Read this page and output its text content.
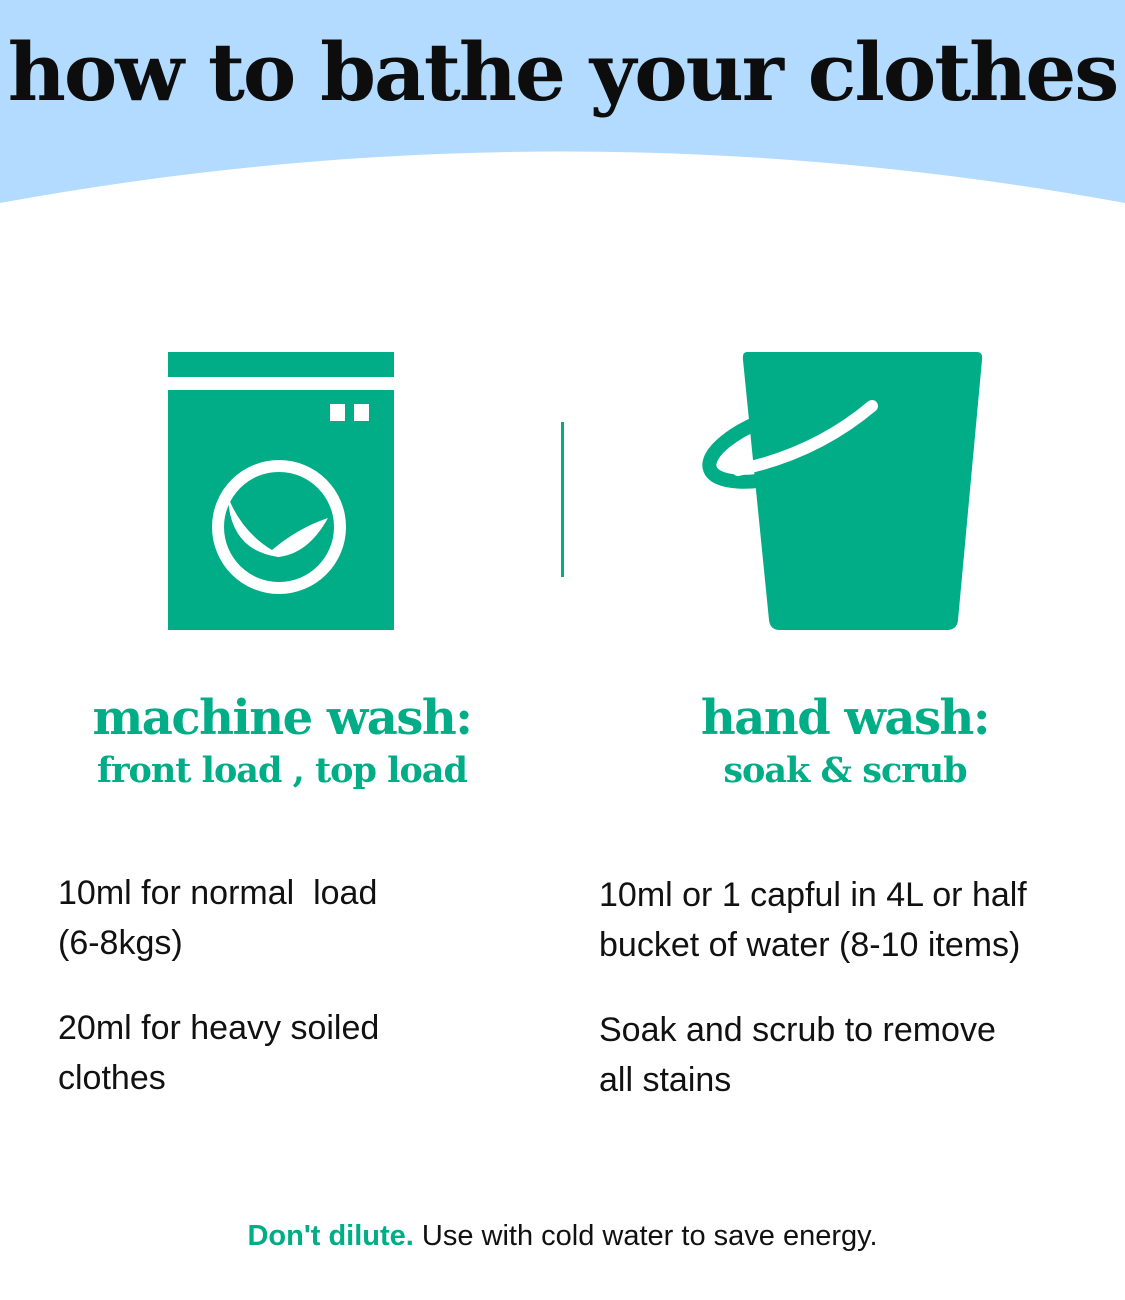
how to bathe your clothes
machine wash:
front load , top load
hand wash:
soak & scrub

10ml for normal  load
(6-8kgs)

20ml for heavy soiled
clothes

10ml or 1 capful in 4L or half
bucket of water (8-10 items)

Soak and scrub to remove
all stains

Don't dilute. Use with cold water to save energy.
